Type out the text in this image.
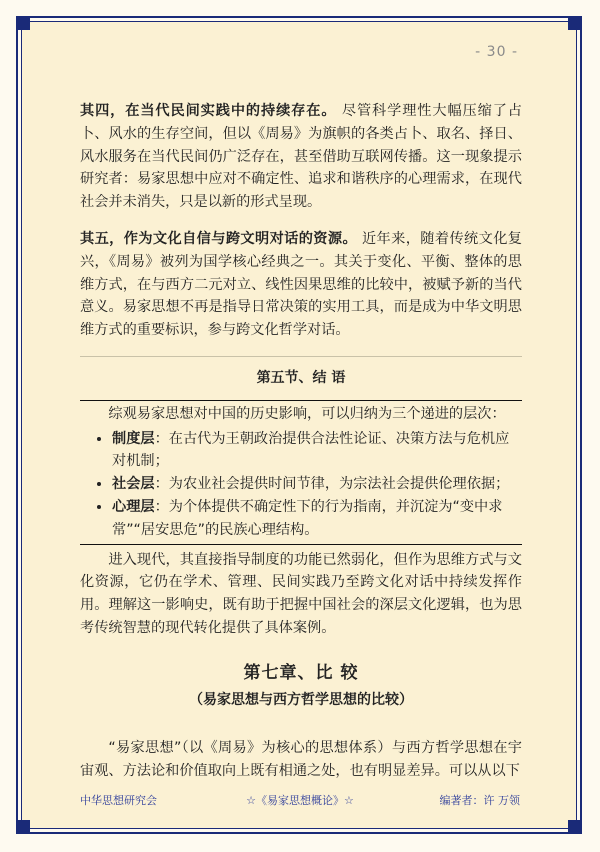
- 30 -

其四，在当代民间实践中的持续存在。 尽管科学理性大幅压缩了占卜、风水的生存空间，但以《周易》为旗帜的各类占卜、取名、择日、风水服务在当代民间仍广泛存在，甚至借助互联网传播。这一现象提示研究者：易家思想中应对不确定性、追求和谐秩序的心理需求，在现代社会并未消失，只是以新的形式呈现。

其五，作为文化自信与跨文明对话的资源。 近年来，随着传统文化复兴，《周易》被列为国学核心经典之一。其关于变化、平衡、整体的思维方式，在与西方二元对立、线性因果思维的比较中，被赋予新的当代意义。易家思想不再是指导日常决策的实用工具，而是成为中华文明思维方式的重要标识，参与跨文化哲学对话。

第五节、结 语
综观易家思想对中国的历史影响，可以归纳为三个递进的层次：
• 制度层：在古代为王朝政治提供合法性论证、决策方法与危机应对机制；
• 社会层：为农业社会提供时间节律，为宗法社会提供伦理依据；
• 心理层：为个体提供不确定性下的行为指南，并沉淀为“变中求常”“居安思危”的民族心理结构。

进入现代，其直接指导制度的功能已然弱化，但作为思维方式与文化资源，它仍在学术、管理、民间实践乃至跨文化对话中持续发挥作用。理解这一影响史，既有助于把握中国社会的深层文化逻辑，也为思考传统智慧的现代转化提供了具体案例。

第七章、比 较
（易家思想与西方哲学思想的比较）

“易家思想”（以《周易》为核心的思想体系）与西方哲学思想在宇宙观、方法论和价值取向上既有相通之处，也有明显差异。可以从以下

中华思想研究会	☆《易家思想概论》☆	编著者：许 万领
